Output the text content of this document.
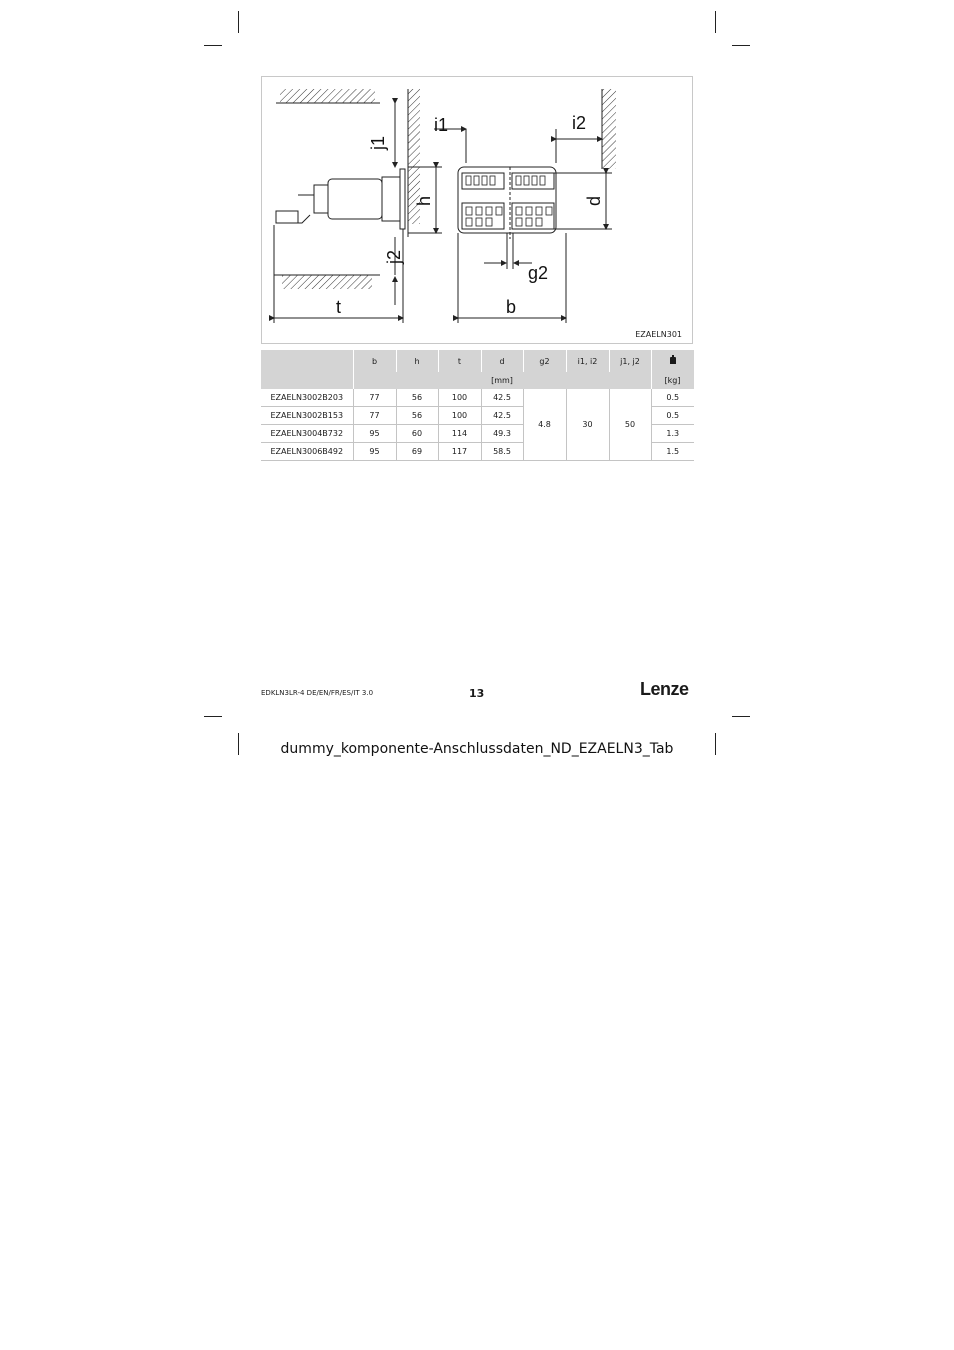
j1
i1	i2
h	d
j2
g2
t	b
EZAELN301
	b	h	t	d	g2	i1, i2	j1, j2	
	[mm]							[kg]
EZAELN3002B203	77	56	100	42.5	4.8	30	50	0.5
EZAELN3002B153	77	56	100	42.5				0.5
EZAELN3004B732	95	60	114	49.3				1.3
EZAELN3006B492	95	69	117	58.5				1.5
EDKLN3LR-4 DE/EN/FR/ES/IT 3.0	13	Lenze
dummy_komponente-Anschlussdaten_ND_EZAELN3_Tab
